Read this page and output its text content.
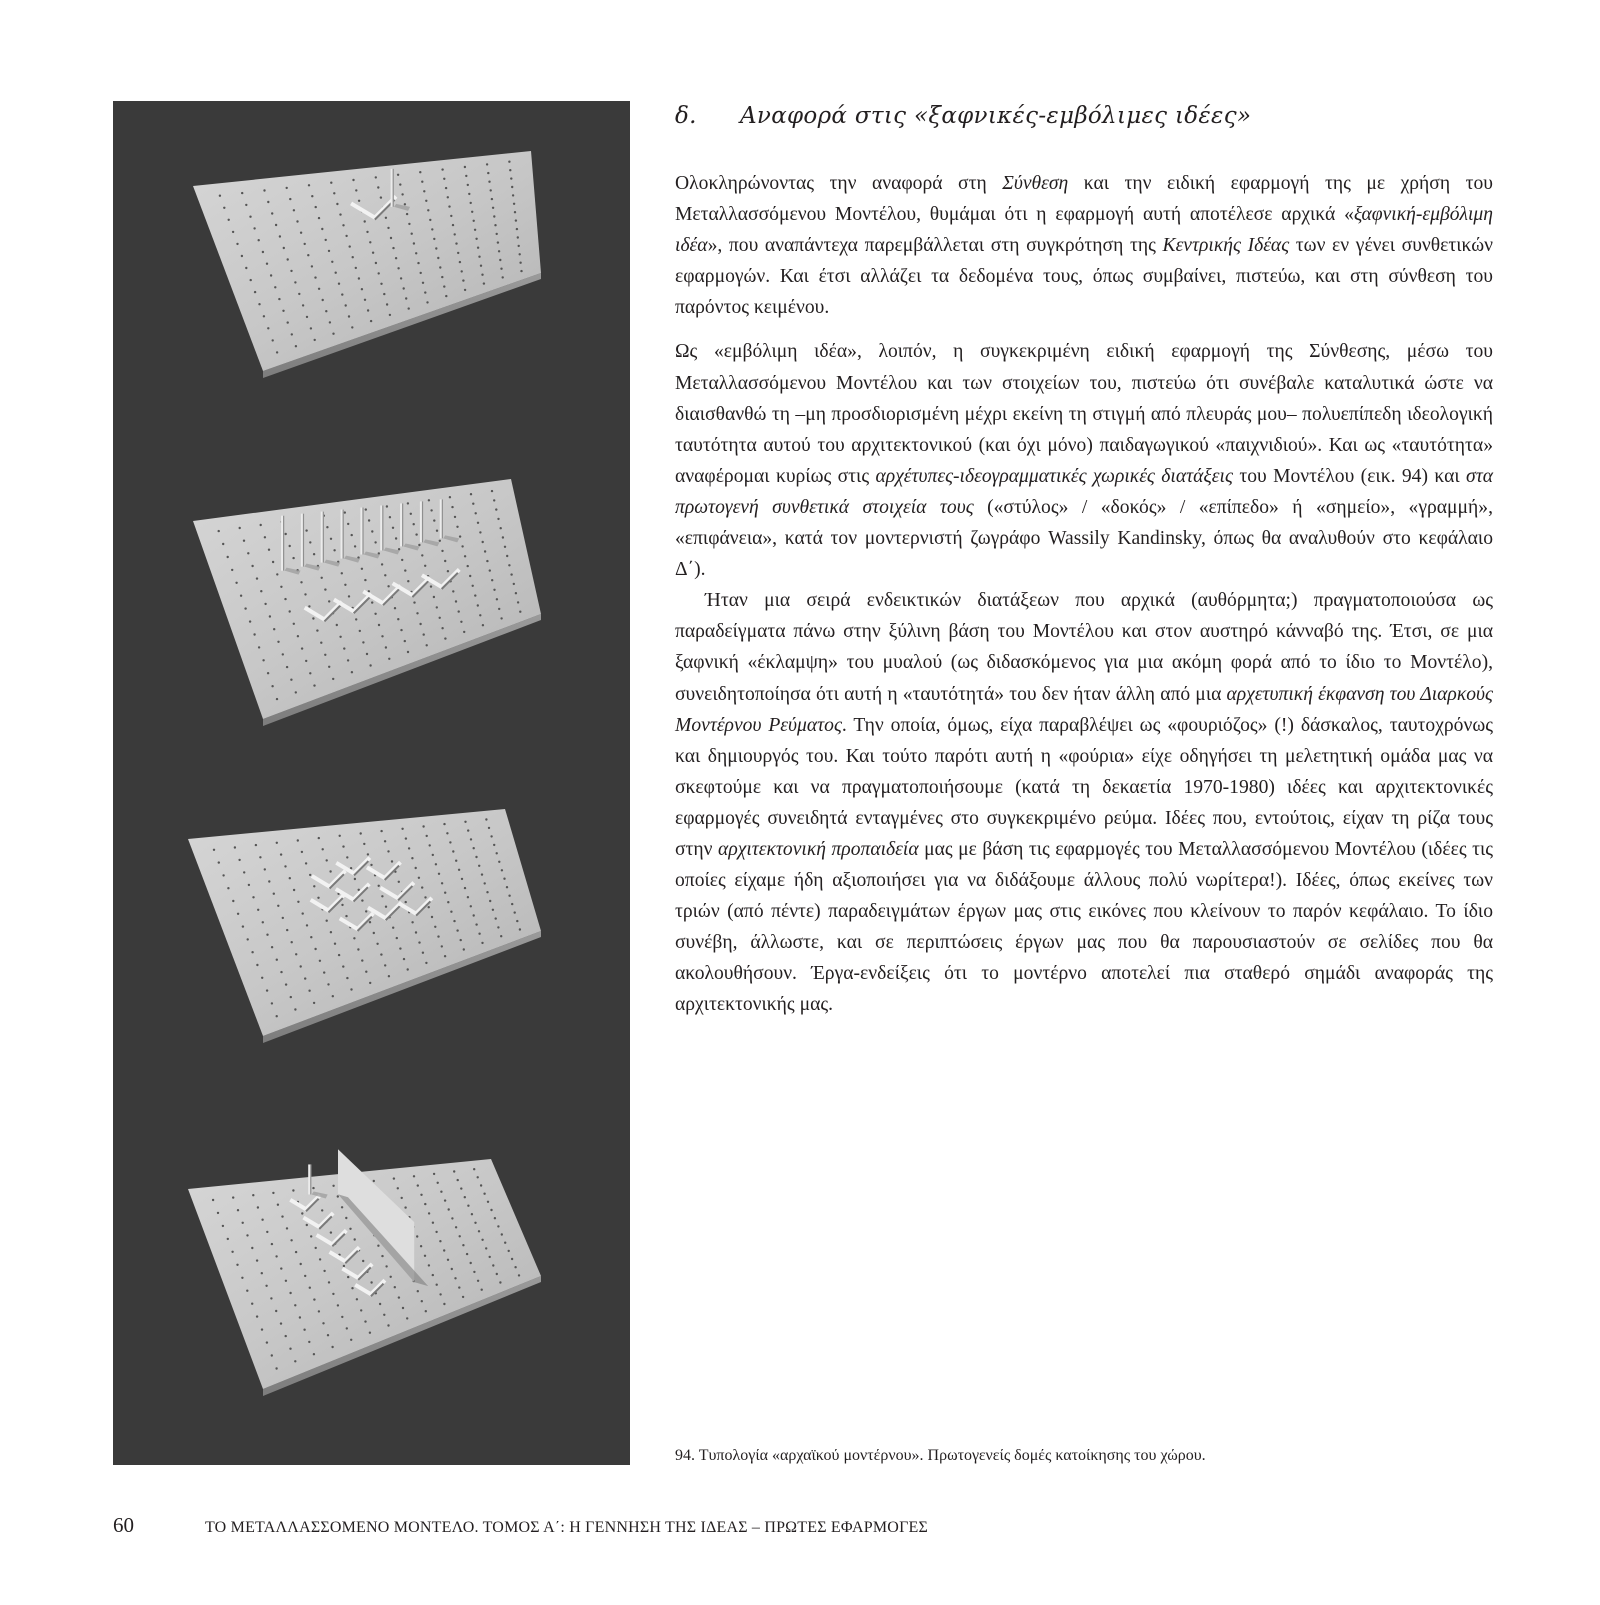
δ. Αναφορά στις «ξαφνικές-εμβόλιμες ιδέες»

Ολοκληρώνοντας την αναφορά στη Σύνθεση και την ειδική εφαρμογή της με χρήση του Μεταλλασσόμενου Μοντέλου, θυμάμαι ότι η εφαρμογή αυτή αποτέλεσε αρχικά «ξαφνική-εμβόλιμη ιδέα», που αναπάντεχα παρεμβάλλεται στη συγκρότηση της Κεντρικής Ιδέας των εν γένει συνθετικών εφαρμογών. Και έτσι αλλάζει τα δεδομένα τους, όπως συμβαίνει, πιστεύω, και στη σύνθεση του παρόντος κειμένου.

Ως «εμβόλιμη ιδέα», λοιπόν, η συγκεκριμένη ειδική εφαρμογή της Σύνθεσης, μέσω του Μεταλλασσόμενου Μοντέλου και των στοιχείων του, πιστεύω ότι συνέβαλε καταλυτικά ώστε να διαισθανθώ τη –μη προσδιορισμένη μέχρι εκείνη τη στιγμή από πλευράς μου– πολυεπίπεδη ιδεολογική ταυτότητα αυτού του αρχιτεκτονικού (και όχι μόνο) παιδαγωγικού «παιχνιδιού». Και ως «ταυτότητα» αναφέρομαι κυρίως στις αρχέτυπες-ιδεογραμματικές χωρικές διατάξεις του Μοντέλου (εικ. 94) και στα πρωτογενή συνθετικά στοιχεία τους («στύλος» / «δοκός» / «επίπεδο» ή «σημείο», «γραμμή», «επιφάνεια», κατά τον μοντερνιστή ζωγράφο Wassily Kandinsky, όπως θα αναλυθούν στο κεφάλαιο Δ΄).

Ήταν μια σειρά ενδεικτικών διατάξεων που αρχικά (αυθόρμητα;) πραγματοποιούσα ως παραδείγματα πάνω στην ξύλινη βάση του Μοντέλου και στον αυστηρό κάνναβό της. Έτσι, σε μια ξαφνική «έκλαμψη» του μυαλού (ως διδασκόμενος για μια ακόμη φορά από το ίδιο το Μοντέλο), συνειδητοποίησα ότι αυτή η «ταυτότητά» του δεν ήταν άλλη από μια αρχετυπική έκφανση του Διαρκούς Μοντέρνου Ρεύματος. Την οποία, όμως, είχα παραβλέψει ως «φουριόζος» (!) δάσκαλος, ταυτοχρόνως και δημιουργός του. Και τούτο παρότι αυτή η «φούρια» είχε οδηγήσει τη μελετητική ομάδα μας να σκεφτούμε και να πραγματοποιήσουμε (κατά τη δεκαετία 1970-1980) ιδέες και αρχιτεκτονικές εφαρμογές συνειδητά ενταγμένες στο συγκεκριμένο ρεύμα. Ιδέες που, εντούτοις, είχαν τη ρίζα τους στην αρχιτεκτονική προπαιδεία μας με βάση τις εφαρμογές του Μεταλλασσόμενου Μοντέλου (ιδέες τις οποίες είχαμε ήδη αξιοποιήσει για να διδάξουμε άλλους πολύ νωρίτερα!). Ιδέες, όπως εκείνες των τριών (από πέντε) παραδειγμάτων έργων μας στις εικόνες που κλείνουν το παρόν κεφάλαιο. Το ίδιο συνέβη, άλλωστε, και σε περιπτώσεις έργων μας που θα παρουσιαστούν σε σελίδες που θα ακολουθήσουν. Έργα-ενδείξεις ότι το μοντέρνο αποτελεί πια σταθερό σημάδι αναφοράς της αρχιτεκτονικής μας.

94. Τυπολογία «αρχαϊκού μοντέρνου». Πρωτογενείς δομές κατοίκησης του χώρου.
60	ΤΟ ΜΕΤΑΛΛΑΣΣΟΜΕΝΟ ΜΟΝΤΕΛΟ. ΤΟΜΟΣ Α΄: Η ΓΕΝΝΗΣΗ ΤΗΣ ΙΔΕΑΣ – ΠΡΩΤΕΣ ΕΦΑΡΜΟΓΕΣ
